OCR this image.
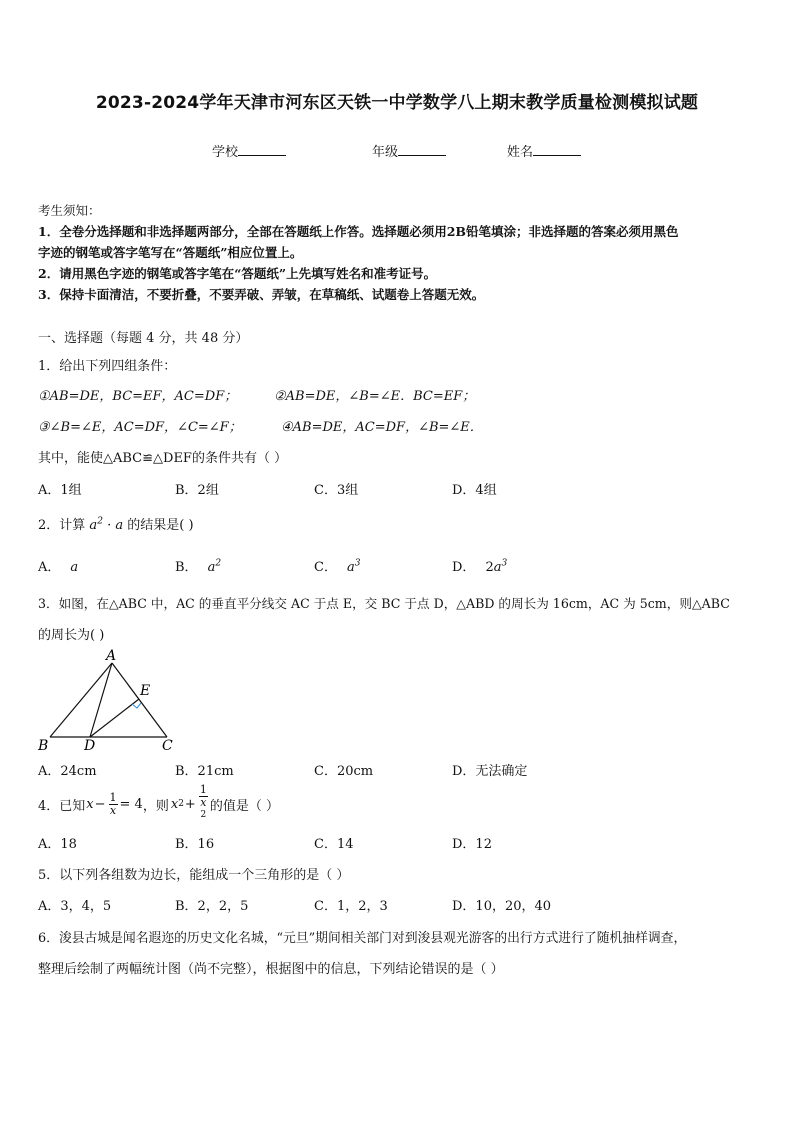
2023-2024学年天津市河东区天铁一中学数学八上期末教学质量检测模拟试题
学校	年级	姓名
考生须知：
1．全卷分选择题和非选择题两部分，全部在答题纸上作答。选择题必须用2B铅笔填涂；非选择题的答案必须用黑色
字迹的钢笔或答字笔写在“答题纸”相应位置上。
2．请用黑色字迹的钢笔或答字笔在“答题纸”上先填写姓名和准考证号。
3．保持卡面清洁，不要折叠，不要弄破、弄皱，在草稿纸、试题卷上答题无效。
一、选择题（每题 4 分，共 48 分）
1．给出下列四组条件：
①AB=DE，BC=EF，AC=DF；	②AB=DE，∠B=∠E．BC=EF；
③∠B=∠E，AC=DF，∠C=∠F；	④AB=DE，AC=DF，∠B=∠E．
其中，能使△ABC≌△DEF的条件共有（ ）
A．1组	B．2组	C．3组	D．4组
2．计算 $a^2 \cdot a$ 的结果是( )
A． a	B． $a^2$	C． $a^3$	D． $2a^3$
3．如图，在△ABC 中，AC 的垂直平分线交 AC 于点 E，交 BC 于点 D，△ABD 的周长为 16cm，AC 为 5cm，则△ABC
的周长为( )
A
B	D	C
E
A．24cm	B．21cm	C．20cm	D．无法确定
4．已知 $x - \frac{1}{x} = 4$ ，则 x 2 + 1
x
$^2$ 的值是（ ）
A．18	B．16	C．14	D．12
5．以下列各组数为边长，能组成一个三角形的是（ ）
A．3，4，5	B．2，2，5	C．1，2，3	D．10，20，40
6．浚县古城是闻名遐迩的历史文化名城，“元旦”期间相关部门对到浚县观光游客的出行方式进行了随机抽样调查，
整理后绘制了两幅统计图（尚不完整），根据图中的信息，下列结论错误的是（ ）
